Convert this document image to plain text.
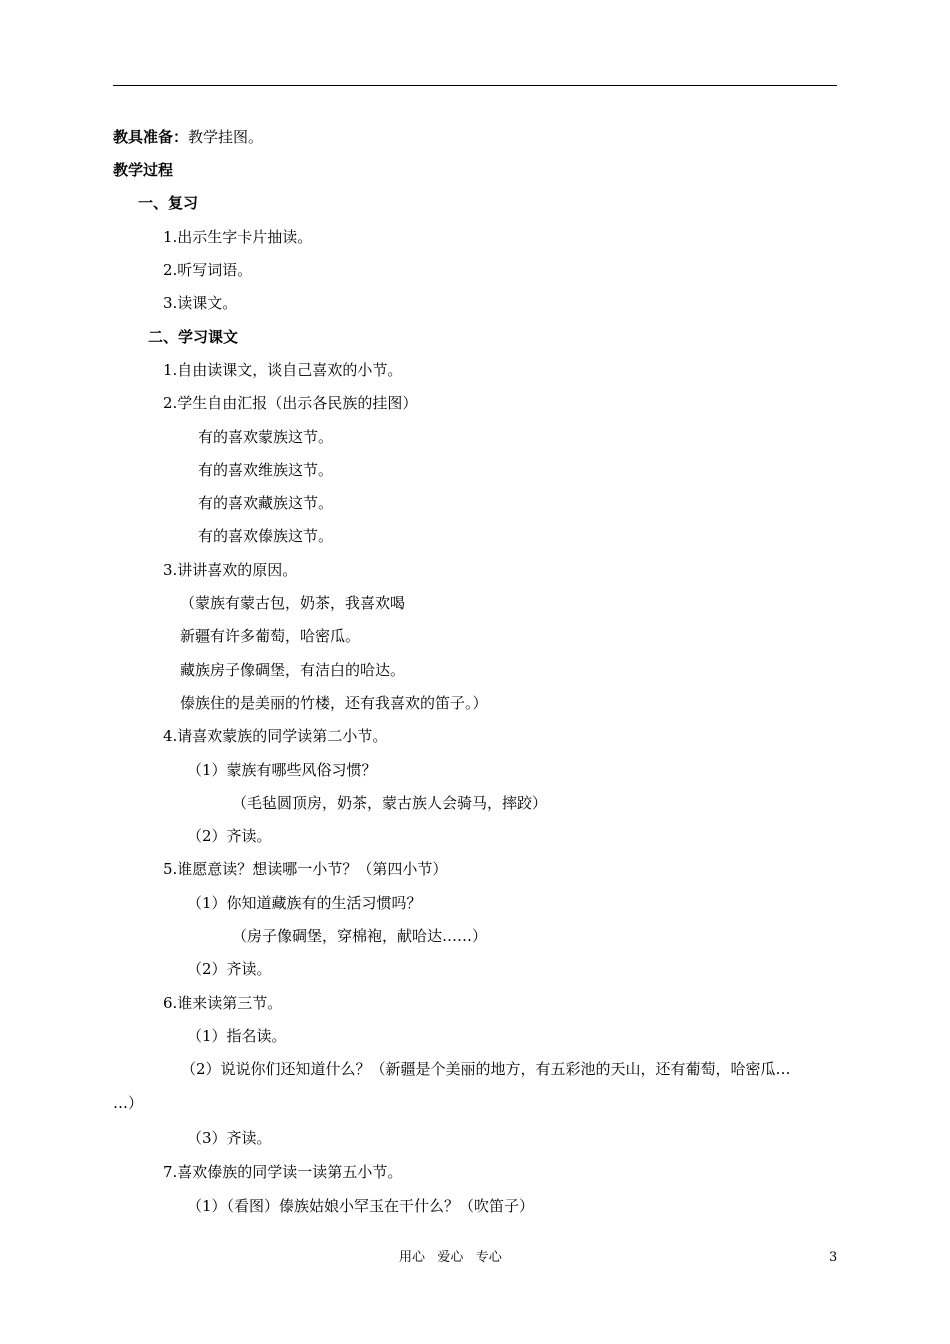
教具准备：教学挂图。
教学过程
一、复习
1.出示生字卡片抽读。
2.听写词语。
3.读课文。
二、学习课文
1.自由读课文，谈自己喜欢的小节。
2.学生自由汇报（出示各民族的挂图）
有的喜欢蒙族这节。
有的喜欢维族这节。
有的喜欢藏族这节。
有的喜欢傣族这节。
3.讲讲喜欢的原因。
（蒙族有蒙古包，奶茶，我喜欢喝
新疆有许多葡萄，哈密瓜。
藏族房子像碉堡，有洁白的哈达。
傣族住的是美丽的竹楼，还有我喜欢的笛子。）
4.请喜欢蒙族的同学读第二小节。
（1）蒙族有哪些风俗习惯？
（毛毡圆顶房，奶茶，蒙古族人会骑马，摔跤）
（2）齐读。
5.谁愿意读？想读哪一小节？（第四小节）
（1）你知道藏族有的生活习惯吗？
（房子像碉堡，穿棉袍，献哈达……）
（2）齐读。
6.谁来读第三节。
（1）指名读。
（2）说说你们还知道什么？（新疆是个美丽的地方，有五彩池的天山，还有葡萄，哈密瓜…
…）
（3）齐读。
7.喜欢傣族的同学读一读第五小节。
（1）（看图）傣族姑娘小罕玉在干什么？（吹笛子）
用心   爱心   专心	3
